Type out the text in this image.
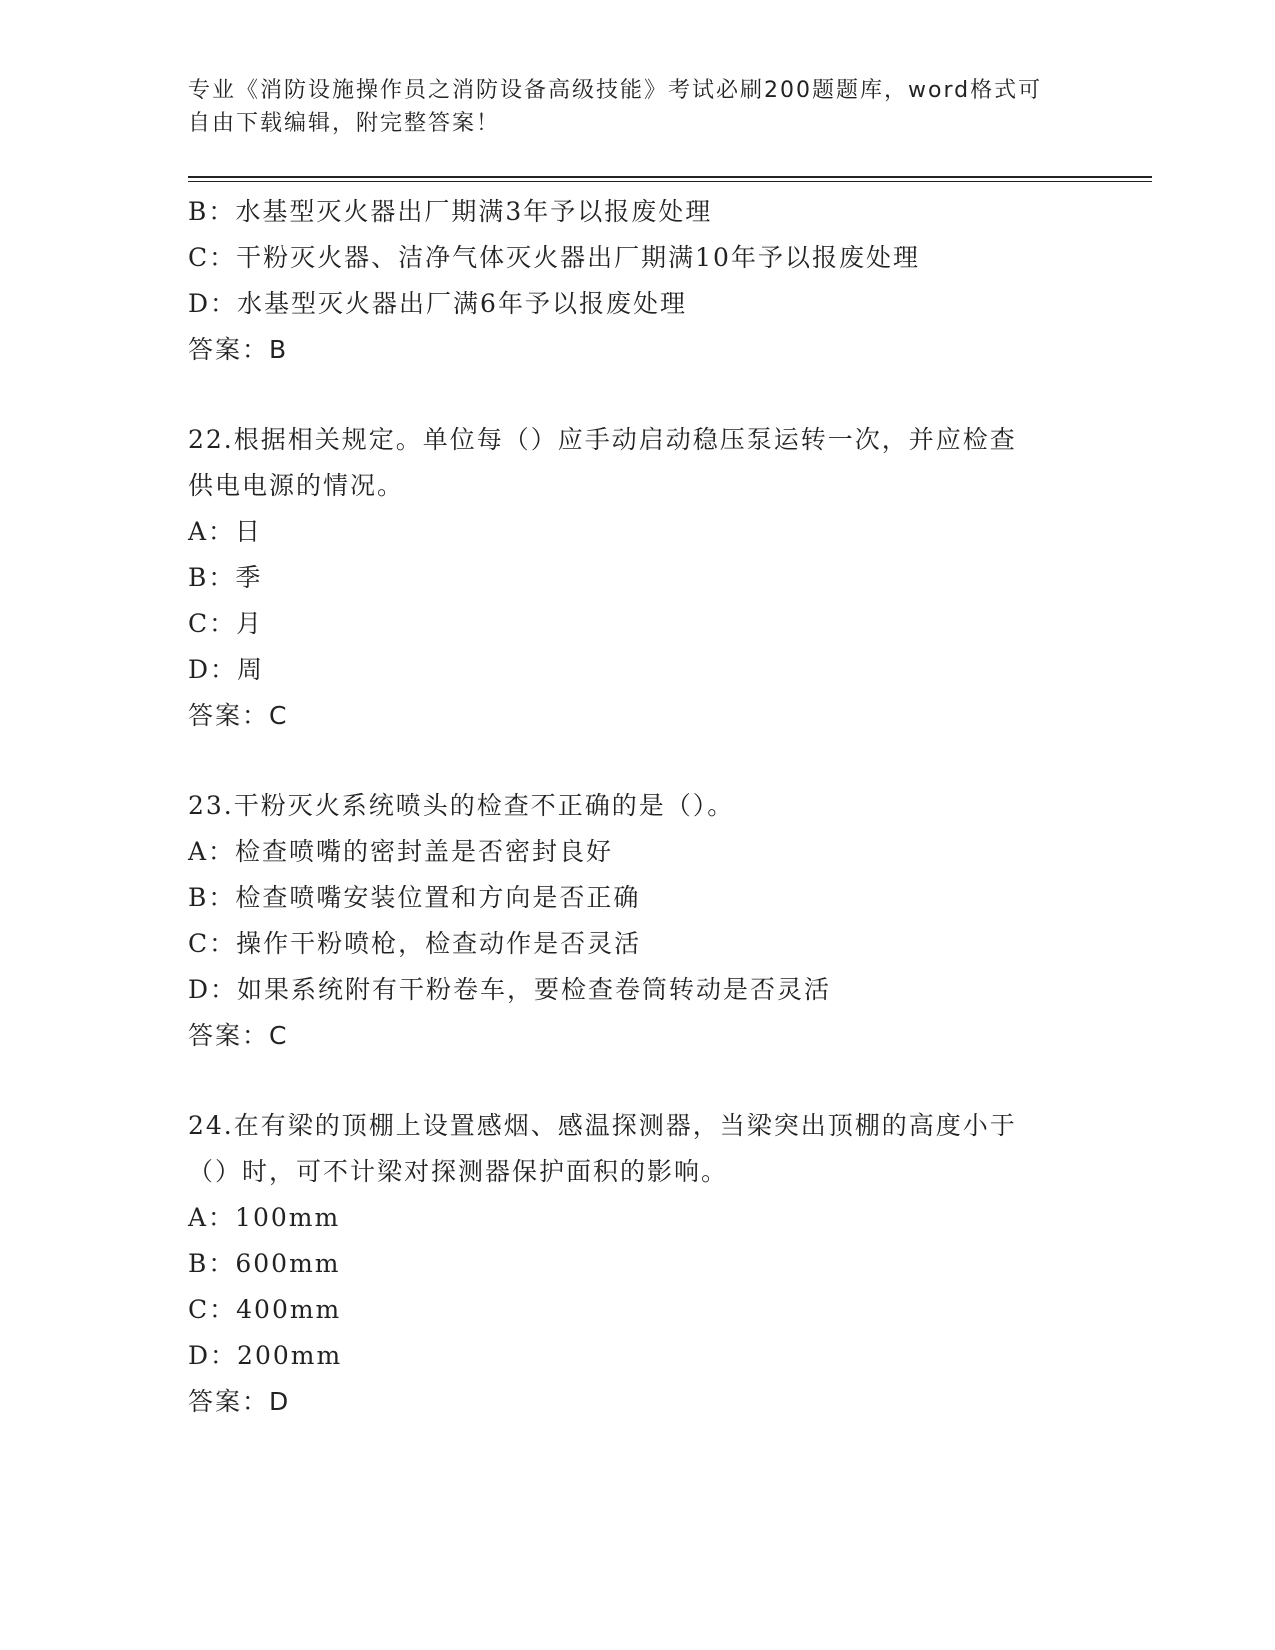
专业《消防设施操作员之消防设备高级技能》考试必刷200题题库，word格式可
自由下载编辑，附完整答案！
B：水基型灭火器出厂期满3年予以报废处理
C：干粉灭火器、洁净气体灭火器出厂期满10年予以报废处理
D：水基型灭火器出厂满6年予以报废处理
答案：B
22.根据相关规定。单位每（）应手动启动稳压泵运转一次，并应检查
供电电源的情况。
A：日
B：季
C：月
D：周
答案：C
23.干粉灭火系统喷头的检查不正确的是（）。
A：检查喷嘴的密封盖是否密封良好
B：检查喷嘴安装位置和方向是否正确
C：操作干粉喷枪，检查动作是否灵活
D：如果系统附有干粉卷车，要检查卷筒转动是否灵活
答案：C
24.在有梁的顶棚上设置感烟、感温探测器，当梁突出顶棚的高度小于
（）时，可不计梁对探测器保护面积的影响。
A：100mm
B：600mm
C：400mm
D：200mm
答案：D
